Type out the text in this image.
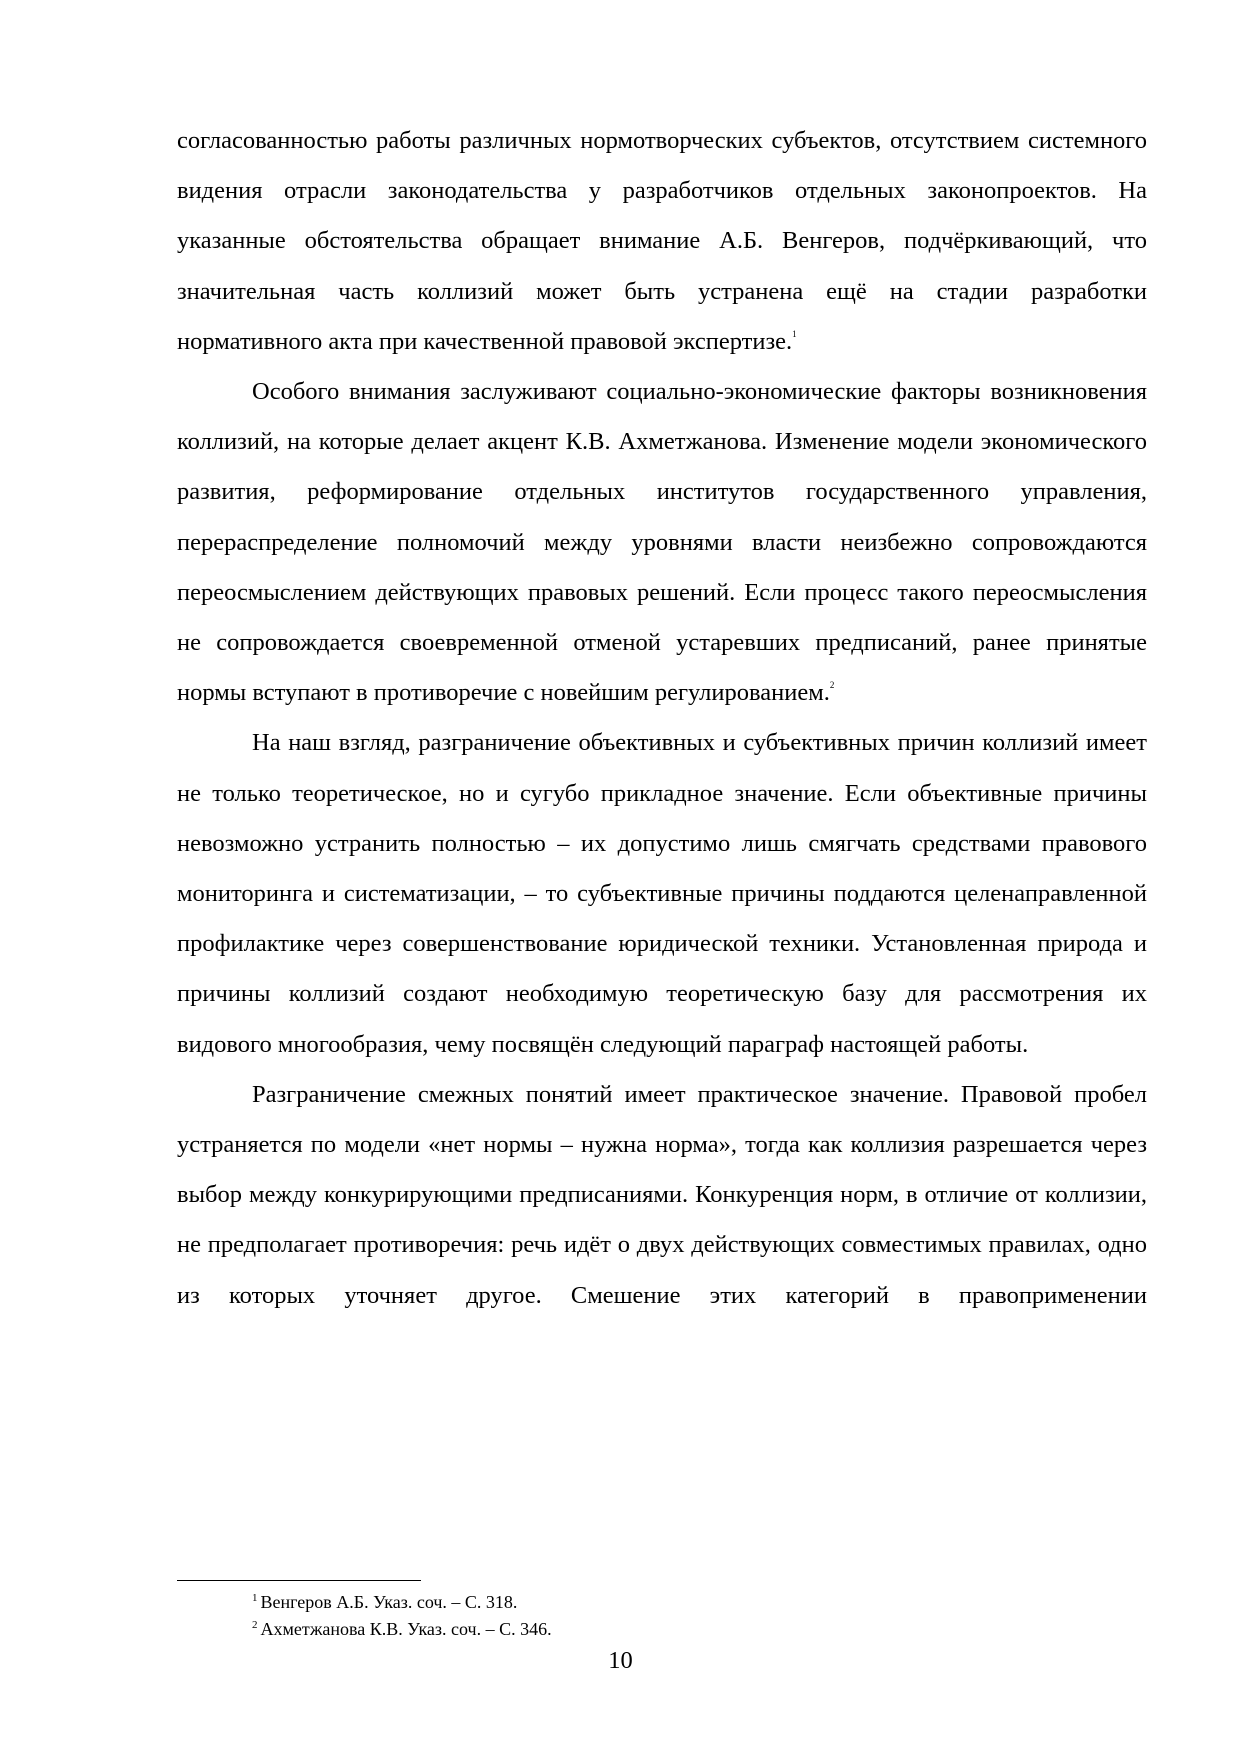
согласованностью работы различных нормотворческих субъектов, отсутствием системного видения отрасли законодательства у разработчиков отдельных законопроектов. На указанные обстоятельства обращает внимание А.Б. Венгеров, подчёркивающий, что значительная часть коллизий может быть устранена ещё на стадии разработки нормативного акта при качественной правовой экспертизе.$^1$

Особого внимания заслуживают социально-экономические факторы возникновения коллизий, на которые делает акцент К.В. Ахметжанова. Изменение модели экономического развития, реформирование отдельных институтов государственного управления, перераспределение полномочий между уровнями власти неизбежно сопровождаются переосмыслением действующих правовых решений. Если процесс такого переосмысления не сопровождается своевременной отменой устаревших предписаний, ранее принятые нормы вступают в противоречие с новейшим регулированием.$^2$

На наш взгляд, разграничение объективных и субъективных причин коллизий имеет не только теоретическое, но и сугубо прикладное значение. Если объективные причины невозможно устранить полностью – их допустимо лишь смягчать средствами правового мониторинга и систематизации, – то субъективные причины поддаются целенаправленной профилактике через совершенствование юридической техники. Установленная природа и причины коллизий создают необходимую теоретическую базу для рассмотрения их видового многообразия, чему посвящён следующий параграф настоящей работы.

Разграничение смежных понятий имеет практическое значение. Правовой пробел устраняется по модели «нет нормы – нужна норма», тогда как коллизия разрешается через выбор между конкурирующими предписаниями. Конкуренция норм, в отличие от коллизии, не предполагает противоречия: речь идёт о двух действующих совместимых правилах, одно из которых уточняет другое. Смешение этих категорий в правоприменении

$^1$ Венгеров А.Б. Указ. соч. – С. 318.
$^2$ Ахметжанова К.В. Указ. соч. – С. 346.
10
